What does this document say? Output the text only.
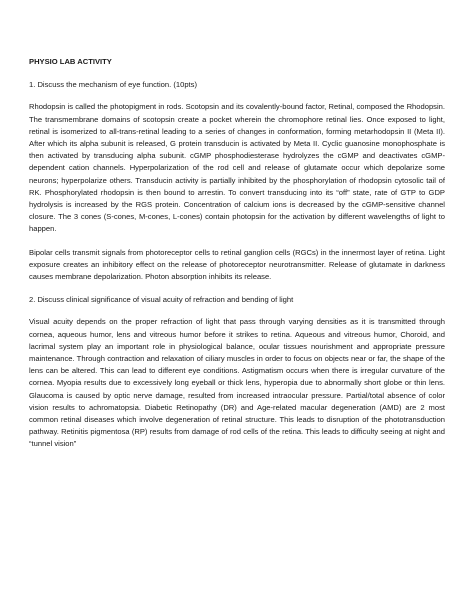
PHYSIO LAB ACTIVITY
1. Discuss the mechanism of eye function. (10pts)
Rhodopsin is called the photopigment in rods. Scotopsin and its covalently-bound factor, Retinal, composed the Rhodopsin. The transmembrane domains of scotopsin create a pocket wherein the chromophore retinal lies. Once exposed to light, retinal is isomerized to all-trans-retinal leading to a series of changes in conformation, forming metarhodopsin II (Meta II). After which its alpha subunit is released, G protein transducin is activated by Meta II. Cyclic guanosine monophosphate is then activated by transducing alpha subunit. cGMP phosphodiesterase hydrolyzes the cGMP and deactivates cGMP-dependent cation channels. Hyperpolarization of the rod cell and release of glutamate occur which depolarize some neurons; hyperpolarize others. Transducin activity is partially inhibited by the phosphorylation of rhodopsin cytosolic tail of RK. Phosphorylated rhodopsin is then bound to arrestin. To convert transducing into its “off” state, rate of GTP to GDP hydrolysis is increased by the RGS protein. Concentration of calcium ions is decreased by the cGMP-sensitive channel closure. The 3 cones (S-cones, M-cones, L-cones) contain photopsin for the activation by different wavelengths of light to happen.
Bipolar cells transmit signals from photoreceptor cells to retinal ganglion cells (RGCs) in the innermost layer of retina. Light exposure creates an inhibitory effect on the release of photoreceptor neurotransmitter. Release of glutamate in darkness causes membrane depolarization. Photon absorption inhibits its release.
2. Discuss clinical significance of visual acuity of refraction and bending of light
Visual acuity depends on the proper refraction of light that pass through varying densities as it is transmitted through cornea, aqueous humor, lens and vitreous humor before it strikes to retina. Aqueous and vitreous humor, Choroid, and lacrimal system play an important role in physiological balance, ocular tissues nourishment and appropriate pressure maintenance. Through contraction and relaxation of ciliary muscles in order to focus on objects near or far, the shape of the lens can be altered. This can lead to different eye conditions. Astigmatism occurs when there is irregular curvature of the cornea. Myopia results due to excessively long eyeball or thick lens, hyperopia due to abnormally short globe or thin lens. Glaucoma is caused by optic nerve damage, resulted from increased intraocular pressure. Partial/total absence of color vision results to achromatopsia. Diabetic Retinopathy (DR) and Age-related macular degeneration (AMD) are 2 most common retinal diseases which involve degeneration of retinal structure. This leads to disruption of the phototransduction pathway. Retinitis pigmentosa (RP) results from damage of rod cells of the retina. This leads to difficulty seeing at night and “tunnel vision”
